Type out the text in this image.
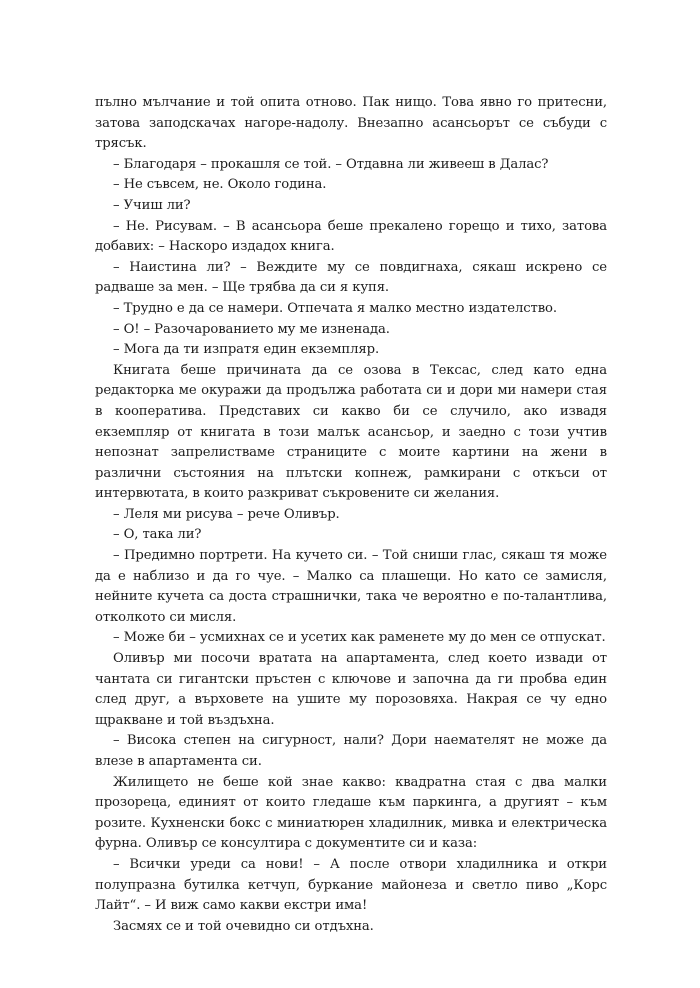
пълно мълчание и той опита отново. Пак нищо. Това явно го притесни, затова заподскачах нагоре-надолу. Внезапно асансьорът се събуди с трясък.

– Благодаря – прокашля се той. – Отдавна ли живееш в Далас?

– Не съвсем, не. Около година.

– Учиш ли?

– Не. Рисувам. – В асансьора беше прекалено горещо и тихо, затова добавих: – Наскоро издадох книга.

– Наистина ли? – Веждите му се повдигнаха, сякаш искрено се радваше за мен. – Ще трябва да си я купя.

– Трудно е да се намери. Отпечата я малко местно издателство.

– О! – Разочарованието му ме изненада.

– Мога да ти изпратя един екземпляр.

Книгата беше причината да се озова в Тексас, след като една редакторка ме окуражи да продължа работата си и дори ми намери стая в кооператива. Представих си какво би се случило, ако извадя екземпляр от книгата в този малък асансьор, и заедно с този учтив непознат запрелистваме страниците с моите картини на жени в различни състояния на плътски копнеж, рамкирани с откъси от интервютата, в които разкриват съкровените си желания.

– Леля ми рисува – рече Оливър.

– О, така ли?

– Предимно портрети. На кучето си. – Той сниши глас, сякаш тя може да е наблизо и да го чуе. – Малко са плашещи. Но като се замисля, нейните кучета са доста страшнички, така че вероятно е по-талантлива, отколкото си мисля.

– Може би – усмихнах се и усетих как раменете му до мен се отпускат.

Оливър ми посочи вратата на апартамента, след което извади от чантата си гигантски пръстен с ключове и започна да ги пробва един след друг, а върховете на ушите му порозовяха. Накрая се чу едно щракване и той въздъхна.

– Висока степен на сигурност, нали? Дори наемателят не може да влезе в апартамента си.

Жилището не беше кой знае какво: квадратна стая с два малки прозореца, единият от които гледаше към паркинга, а другият – към розите. Кухненски бокс с миниатюрен хладилник, мивка и електрическа фурна. Оливър се консултира с документите си и каза:

– Всички уреди са нови! – А после отвори хладилника и откри полупразна бутилка кетчуп, буркание майонеза и светло пиво „Корс Лайт“. – И виж само какви екстри има!

Засмях се и той очевидно си отдъхна.
